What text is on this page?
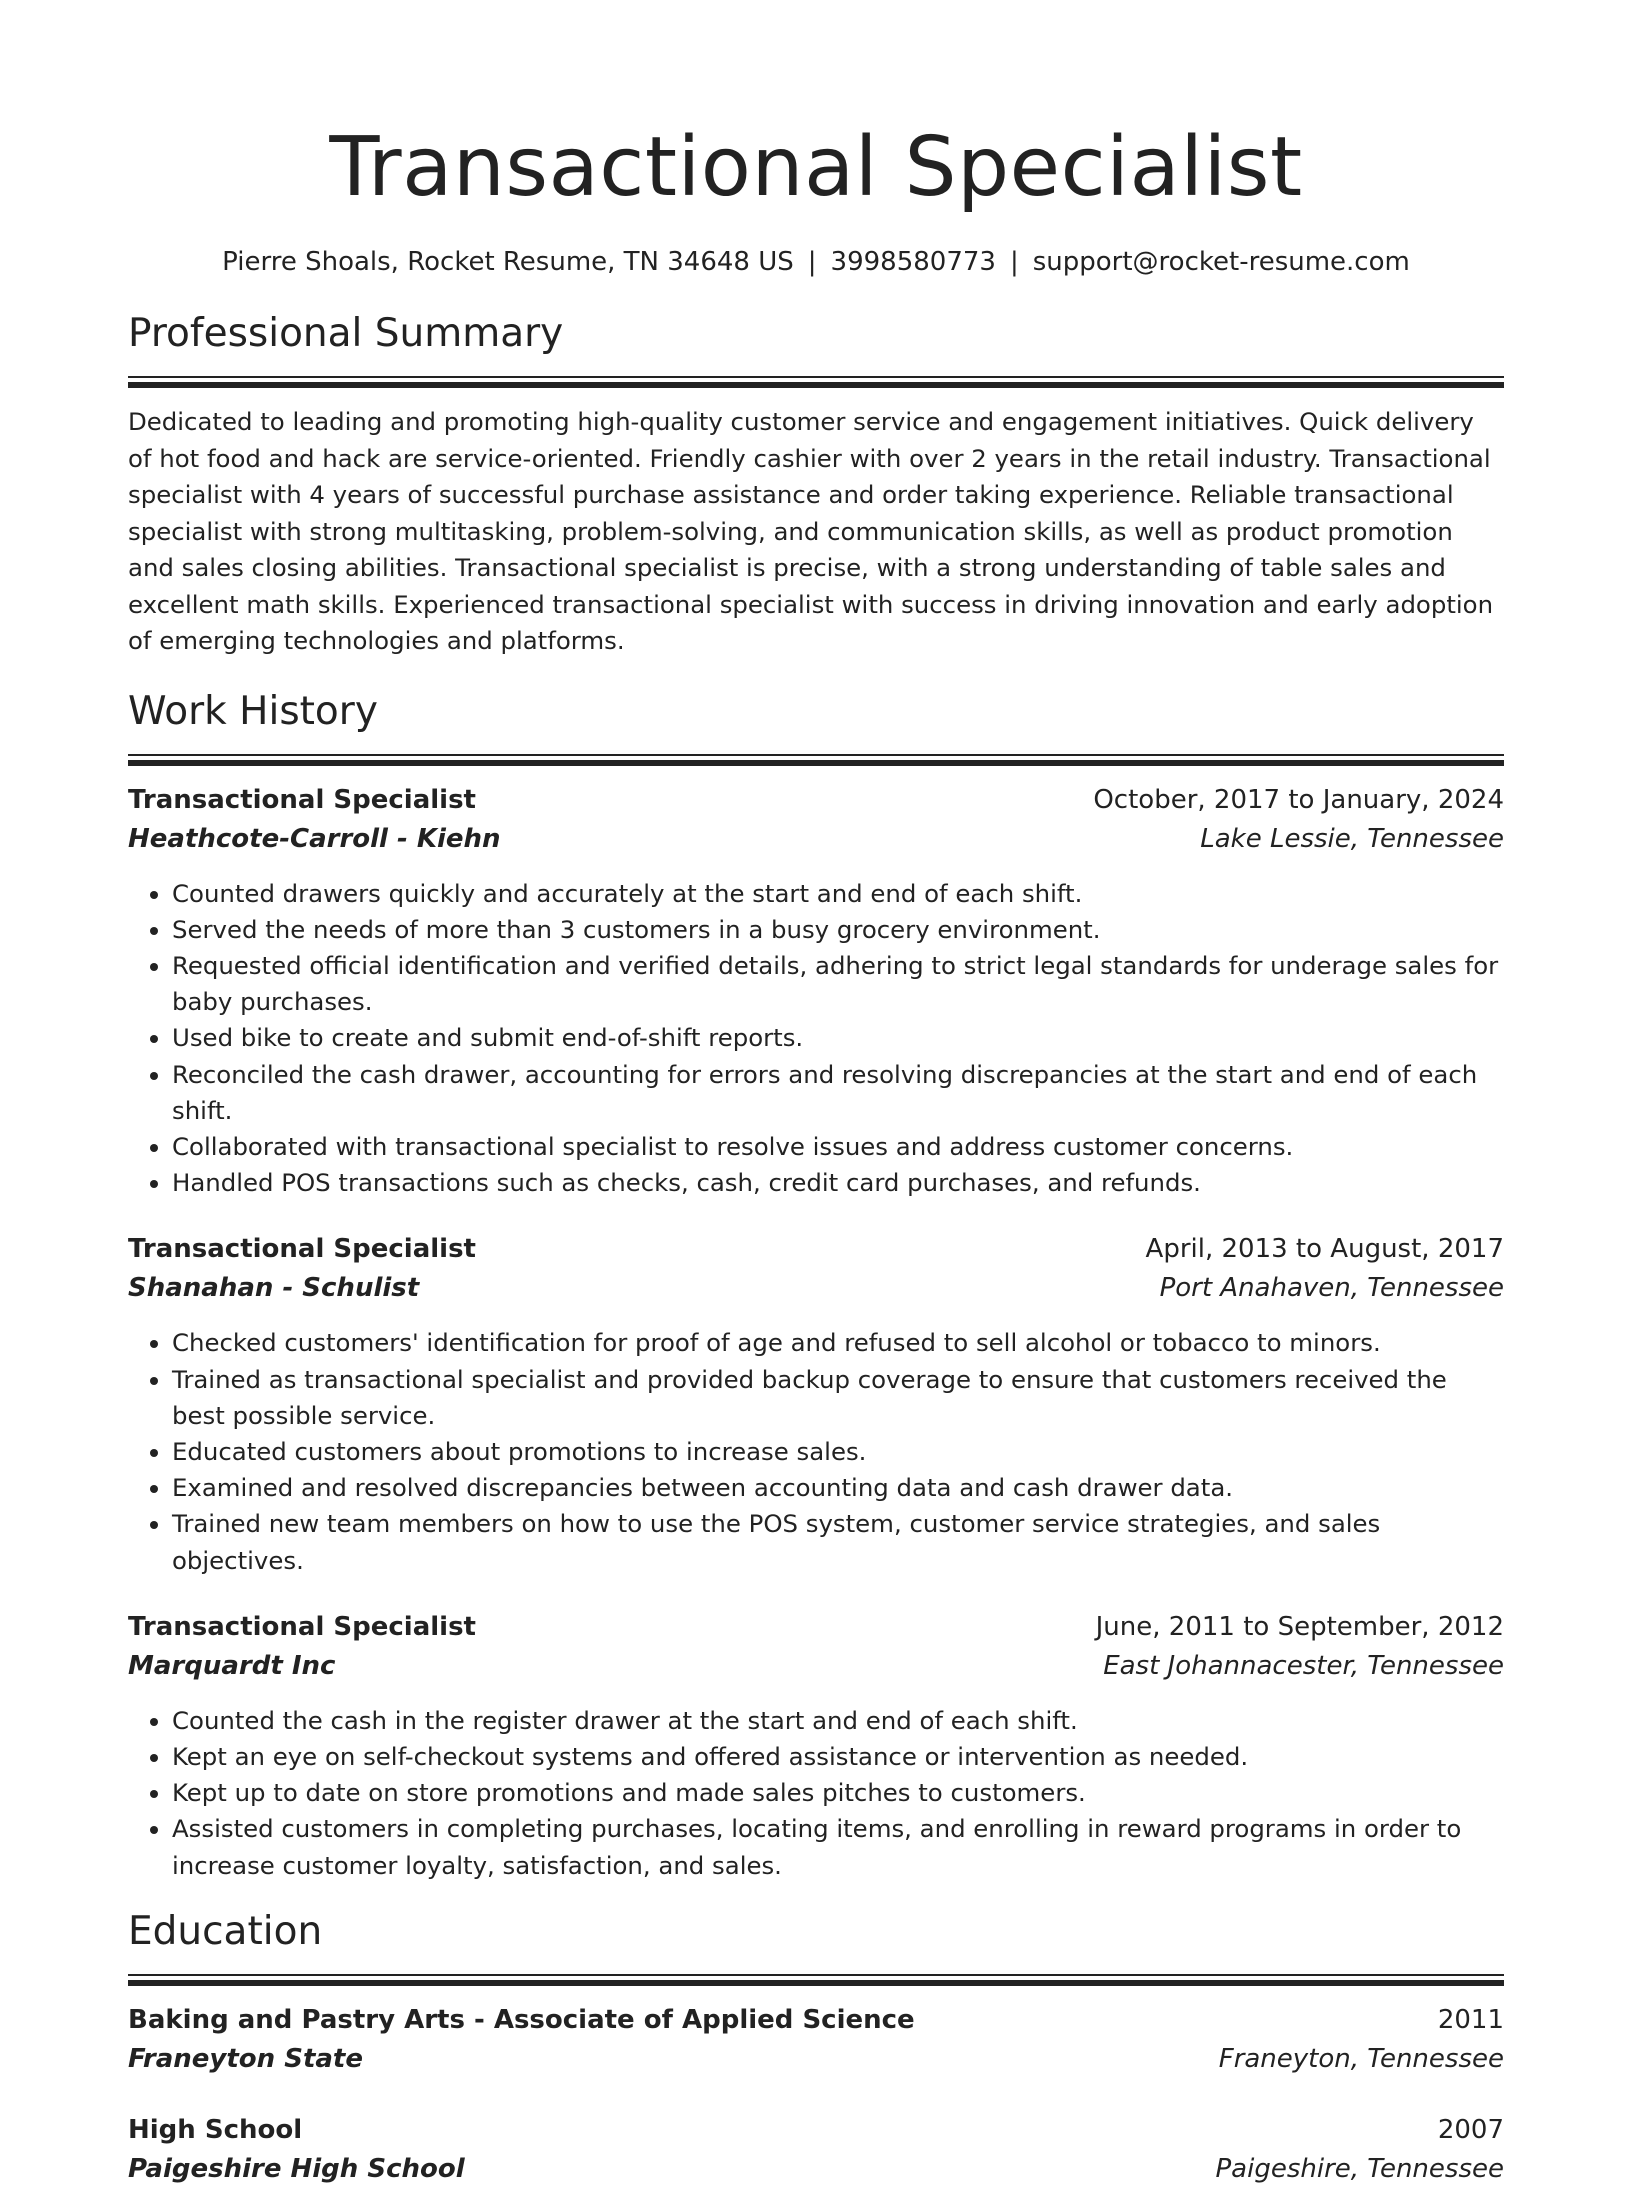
Transactional Specialist
Pierre Shoals, Rocket Resume, TN 34648 US | 3998580773 | support@rocket-resume.com
Professional Summary

Dedicated to leading and promoting high-quality customer service and engagement initiatives. Quick delivery of hot food and hack are service-oriented. Friendly cashier with over 2 years in the retail industry. Transactional specialist with 4 years of successful purchase assistance and order taking experience. Reliable transactional specialist with strong multitasking, problem-solving, and communication skills, as well as product promotion and sales closing abilities. Transactional specialist is precise, with a strong understanding of table sales and excellent math skills. Experienced transactional specialist with success in driving innovation and early adoption of emerging technologies and platforms.

Work History
Transactional Specialist	October, 2017 to January, 2024
Heathcote-Carroll - Kiehn	Lake Lessie, Tennessee
• Counted drawers quickly and accurately at the start and end of each shift.
• Served the needs of more than 3 customers in a busy grocery environment.
• Requested official identification and verified details, adhering to strict legal standards for underage sales for baby purchases.
• Used bike to create and submit end-of-shift reports.
• Reconciled the cash drawer, accounting for errors and resolving discrepancies at the start and end of each shift.
• Collaborated with transactional specialist to resolve issues and address customer concerns.
• Handled POS transactions such as checks, cash, credit card purchases, and refunds.
Transactional Specialist	April, 2013 to August, 2017
Shanahan - Schulist	Port Anahaven, Tennessee
• Checked customers' identification for proof of age and refused to sell alcohol or tobacco to minors.
• Trained as transactional specialist and provided backup coverage to ensure that customers received the best possible service.
• Educated customers about promotions to increase sales.
• Examined and resolved discrepancies between accounting data and cash drawer data.
• Trained new team members on how to use the POS system, customer service strategies, and sales objectives.
Transactional Specialist	June, 2011 to September, 2012
Marquardt Inc	East Johannacester, Tennessee
• Counted the cash in the register drawer at the start and end of each shift.
• Kept an eye on self-checkout systems and offered assistance or intervention as needed.
• Kept up to date on store promotions and made sales pitches to customers.
• Assisted customers in completing purchases, locating items, and enrolling in reward programs in order to increase customer loyalty, satisfaction, and sales.
Education
Baking and Pastry Arts - Associate of Applied Science	2011
Franeyton State	Franeyton, Tennessee
High School	2007
Paigeshire High School	Paigeshire, Tennessee
